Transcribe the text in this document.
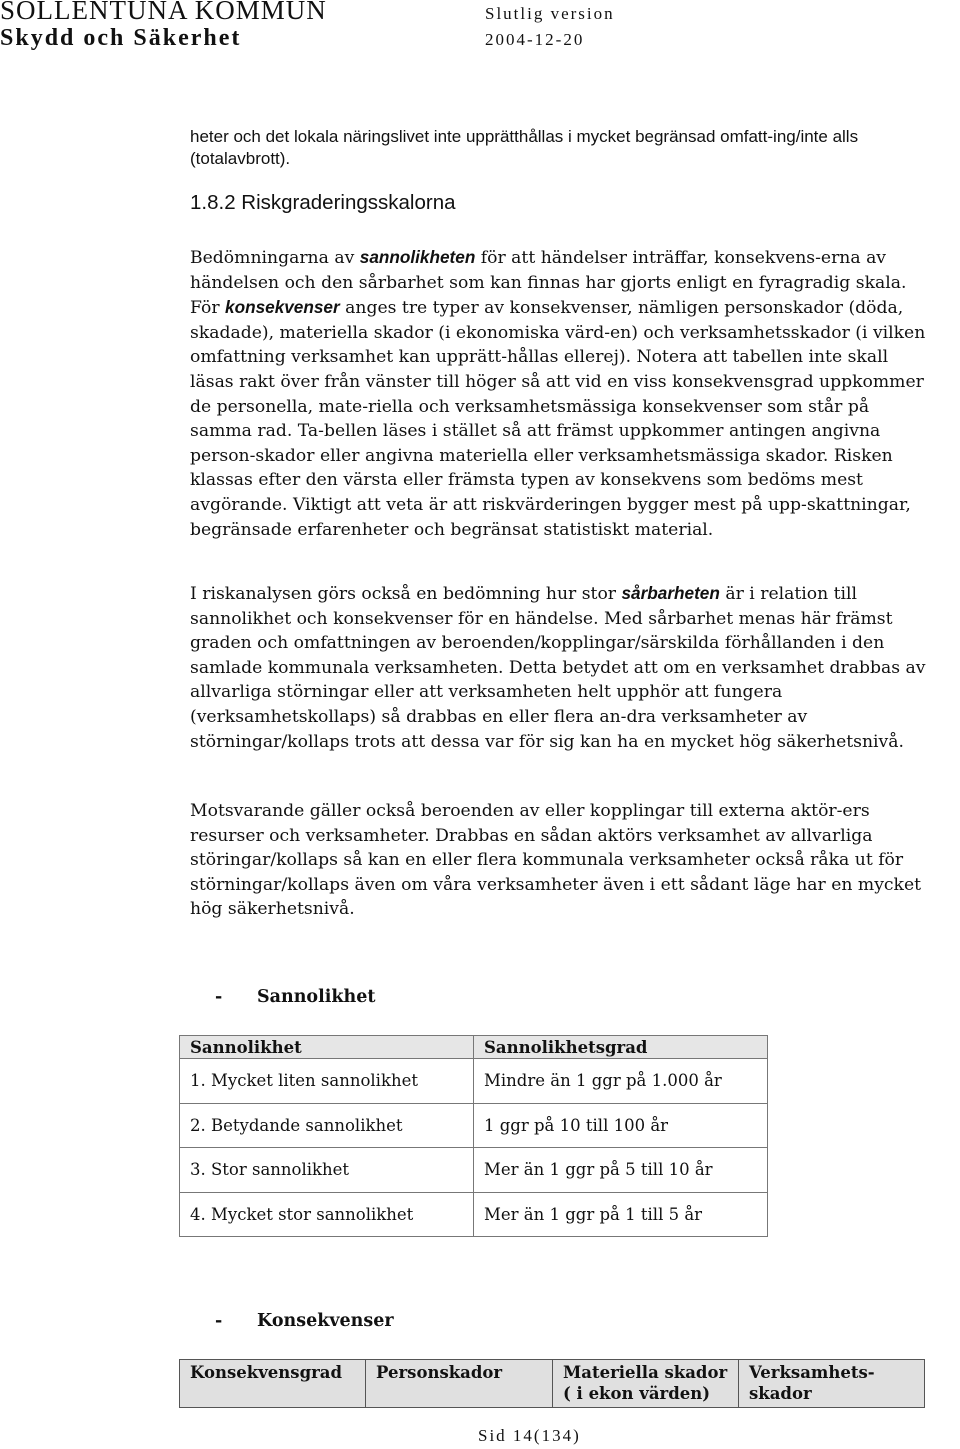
SOLLENTUNA KOMMUN
Skydd och Säkerhet
Slutlig version
2004-12-20
heter och det lokala näringslivet inte upprätthållas i mycket begränsad omfatt-ing/inte alls (totalavbrott).
1.8.2 Riskgraderingsskalorna
Bedömningarna av sannolikheten för att händelser inträffar, konsekvens-erna av händelsen och den sårbarhet som kan finnas har gjorts enligt en fyragradig skala. För konsekvenser anges tre typer av konsekvenser, nämligen personskador (döda, skadade), materiella skador (i ekonomiska värd-en) och verksamhetsskador (i vilken omfattning verksamhet kan upprätt-hållas ellerej). Notera att tabellen inte skall läsas rakt över från vänster till höger så att vid en viss konsekvensgrad uppkommer de personella, mate-riella och verksamhetsmässiga konsekvenser som står på samma rad. Ta-bellen läses i stället så att främst uppkommer antingen angivna person-skador eller angivna materiella eller verksamhetsmässiga skador. Risken klassas efter den värsta eller främsta typen av konsekvens som bedöms mest avgörande. Viktigt att veta är att riskvärderingen bygger mest på upp-skattningar, begränsade erfarenheter och begränsat statistiskt material.
I riskanalysen görs också en bedömning hur stor sårbarheten är i relation till sannolikhet och konsekvenser för en händelse. Med sårbarhet menas här främst graden och omfattningen av beroenden/kopplingar/särskilda förhållanden i den samlade kommunala verksamheten. Detta betydet att om en verksamhet drabbas av allvarliga störningar eller att verksamheten helt upphör att fungera (verksamhetskollaps) så drabbas en eller flera an-dra verksamheter av störningar/kollaps trots att dessa var för sig kan ha en mycket hög säkerhetsnivå.
Motsvarande gäller också beroenden av eller kopplingar till externa aktör-ers resurser och verksamheter. Drabbas en sådan aktörs verksamhet av allvarliga störingar/kollaps så kan en eller flera kommunala verksamheter också råka ut för störningar/kollaps även om våra verksamheter även i ett sådant läge har en mycket hög säkerhetsnivå.
- Sannolikhet
Sannolikhet	Sannolikhetsgrad
1. Mycket liten sannolikhet	Mindre än 1 ggr på 1.000 år
2. Betydande sannolikhet	1 ggr på 10 till 100 år
3. Stor sannolikhet	Mer än 1 ggr på 5 till 10 år
4. Mycket stor sannolikhet	Mer än 1 ggr på 1 till 5 år
- Konsekvenser
Konsekvensgrad	Personskador	Materiella skador ( i ekon värden)	Verksamhets-skador
Sid 14(134)
